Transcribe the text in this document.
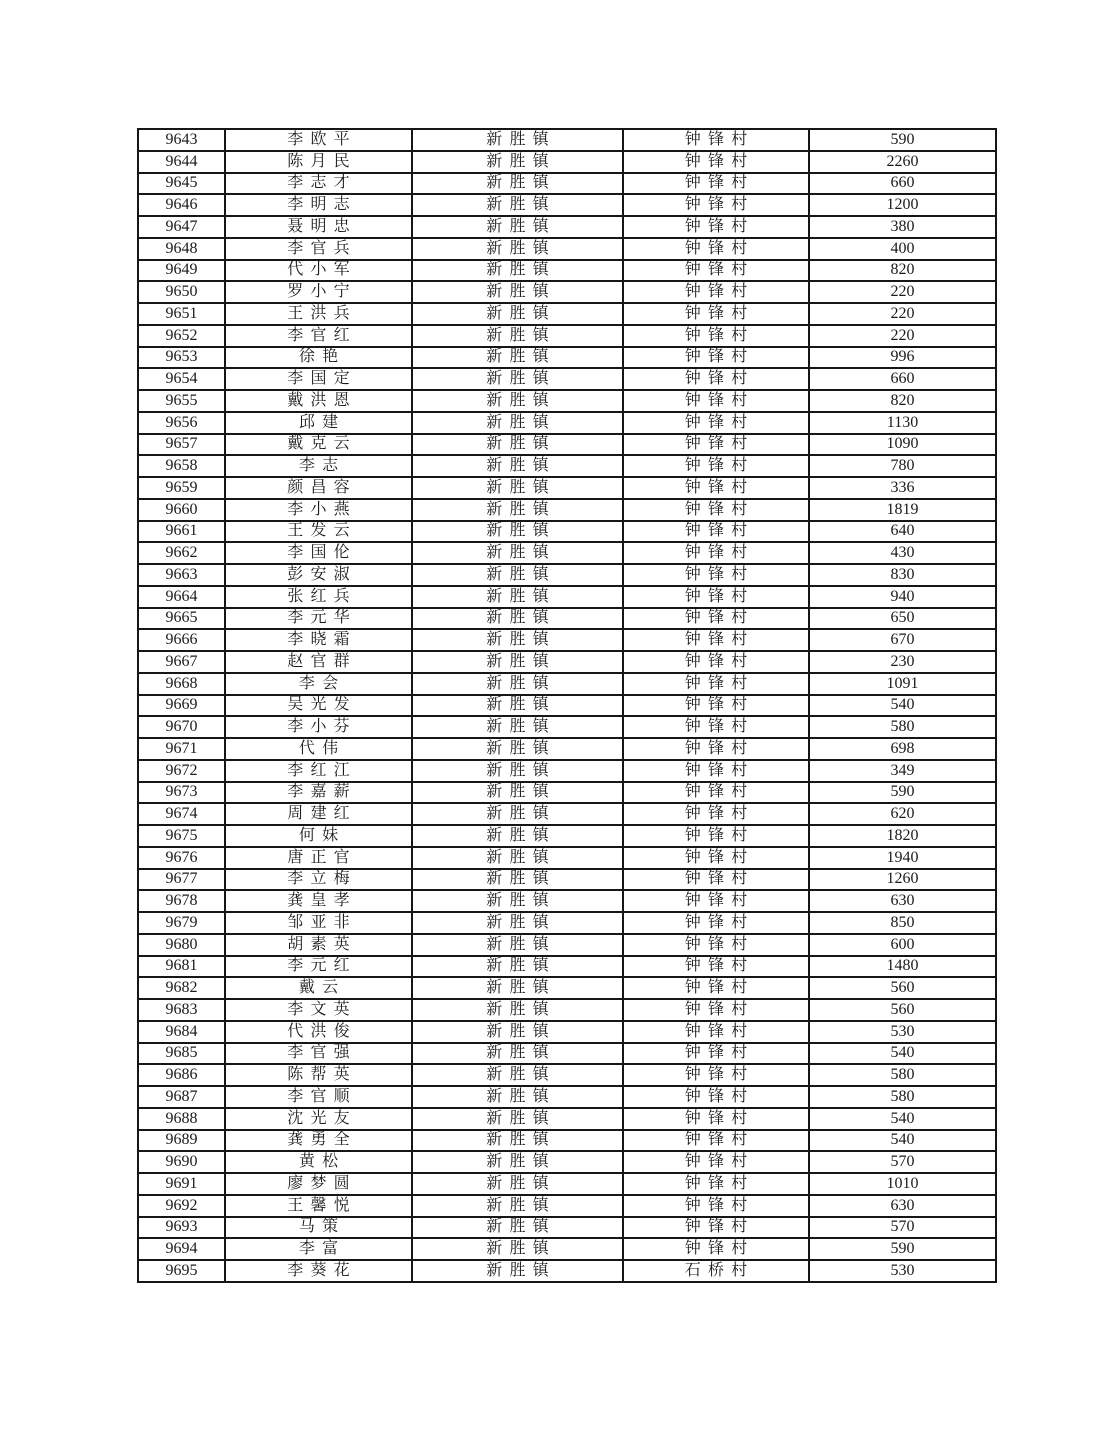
9643	李欧平	新胜镇	钟锋村	590
9644	陈月民	新胜镇	钟锋村	2260
9645	李志才	新胜镇	钟锋村	660
9646	李明志	新胜镇	钟锋村	1200
9647	聂明忠	新胜镇	钟锋村	380
9648	李官兵	新胜镇	钟锋村	400
9649	代小军	新胜镇	钟锋村	820
9650	罗小宁	新胜镇	钟锋村	220
9651	王洪兵	新胜镇	钟锋村	220
9652	李官红	新胜镇	钟锋村	220
9653	徐艳	新胜镇	钟锋村	996
9654	李国定	新胜镇	钟锋村	660
9655	戴洪恩	新胜镇	钟锋村	820
9656	邱建	新胜镇	钟锋村	1130
9657	戴克云	新胜镇	钟锋村	1090
9658	李志	新胜镇	钟锋村	780
9659	颜昌容	新胜镇	钟锋村	336
9660	李小燕	新胜镇	钟锋村	1819
9661	王发云	新胜镇	钟锋村	640
9662	李国伦	新胜镇	钟锋村	430
9663	彭安淑	新胜镇	钟锋村	830
9664	张红兵	新胜镇	钟锋村	940
9665	李元华	新胜镇	钟锋村	650
9666	李晓霜	新胜镇	钟锋村	670
9667	赵官群	新胜镇	钟锋村	230
9668	李会	新胜镇	钟锋村	1091
9669	吴光发	新胜镇	钟锋村	540
9670	李小芬	新胜镇	钟锋村	580
9671	代伟	新胜镇	钟锋村	698
9672	李红江	新胜镇	钟锋村	349
9673	李嘉薪	新胜镇	钟锋村	590
9674	周建红	新胜镇	钟锋村	620
9675	何妹	新胜镇	钟锋村	1820
9676	唐正官	新胜镇	钟锋村	1940
9677	李立梅	新胜镇	钟锋村	1260
9678	龚皇孝	新胜镇	钟锋村	630
9679	邹亚非	新胜镇	钟锋村	850
9680	胡素英	新胜镇	钟锋村	600
9681	李元红	新胜镇	钟锋村	1480
9682	戴云	新胜镇	钟锋村	560
9683	李文英	新胜镇	钟锋村	560
9684	代洪俊	新胜镇	钟锋村	530
9685	李官强	新胜镇	钟锋村	540
9686	陈帮英	新胜镇	钟锋村	580
9687	李官顺	新胜镇	钟锋村	580
9688	沈光友	新胜镇	钟锋村	540
9689	龚勇全	新胜镇	钟锋村	540
9690	黄松	新胜镇	钟锋村	570
9691	廖梦圆	新胜镇	钟锋村	1010
9692	王馨悦	新胜镇	钟锋村	630
9693	马策	新胜镇	钟锋村	570
9694	李富	新胜镇	钟锋村	590
9695	李葵花	新胜镇	石桥村	530
